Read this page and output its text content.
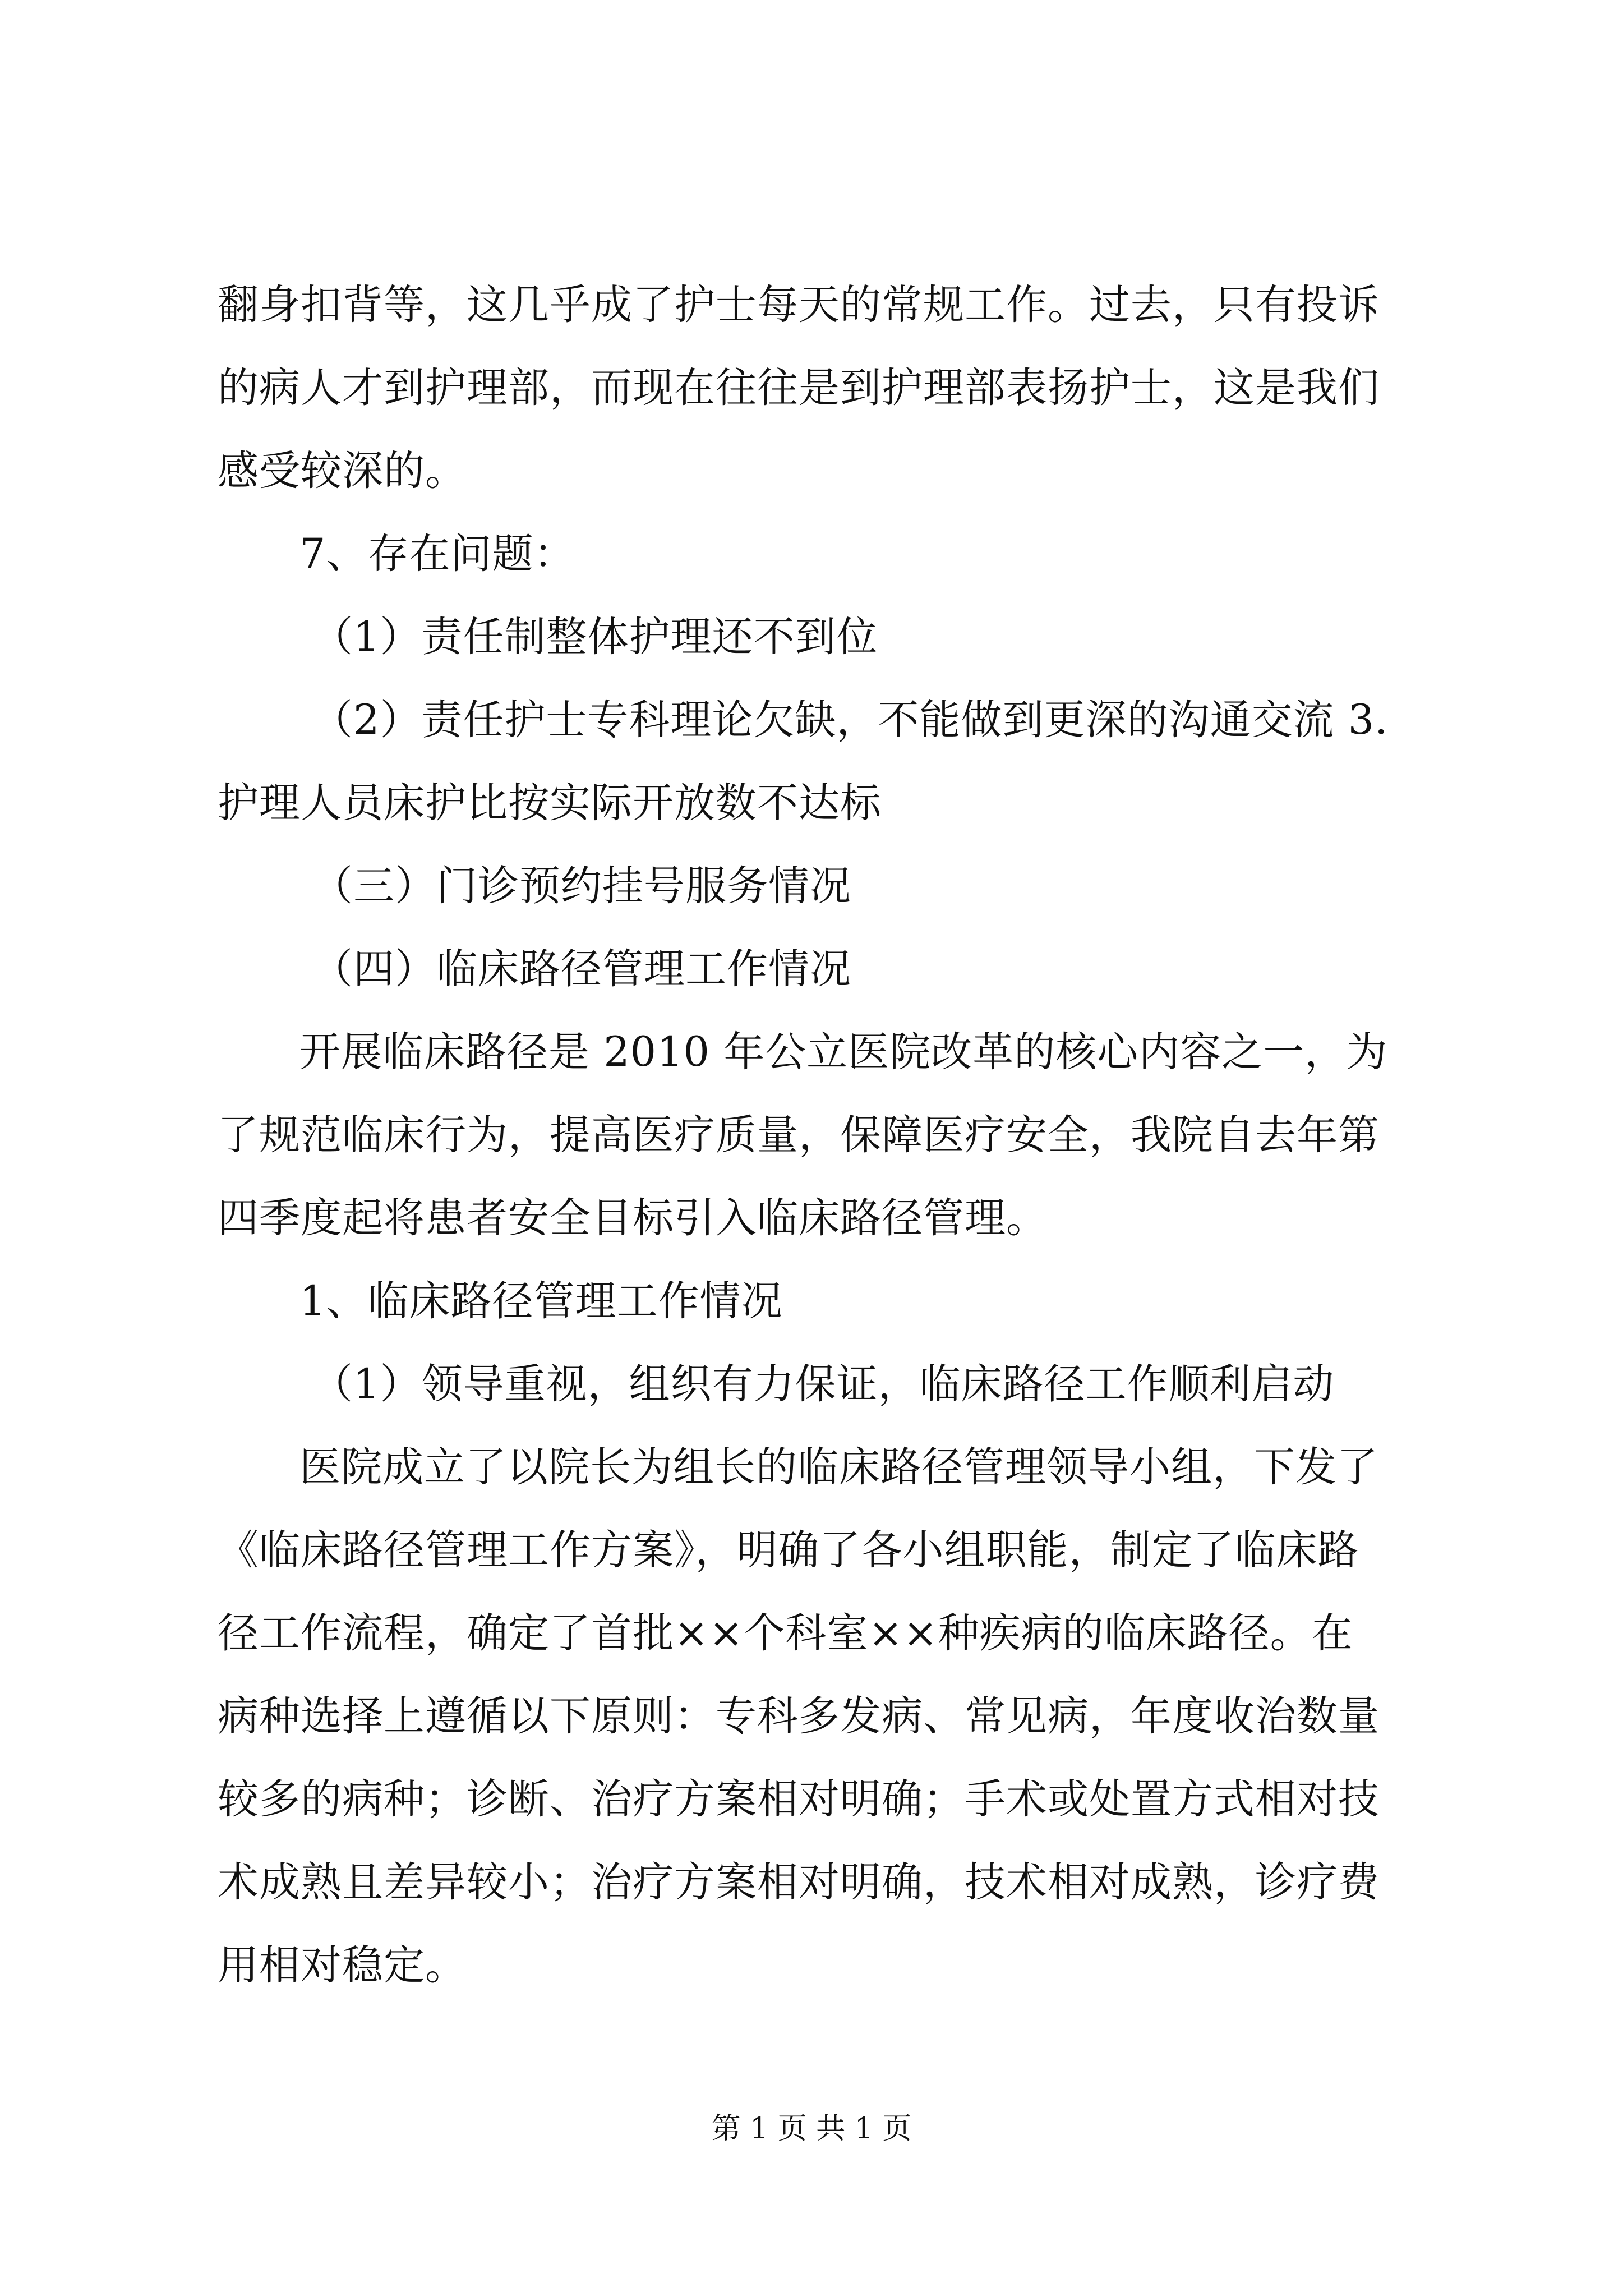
翻身扣背等，这几乎成了护士每天的常规工作。过去，只有投诉
的病人才到护理部，而现在往往是到护理部表扬护士，这是我们
感受较深的。
7、存在问题：
（1）责任制整体护理还不到位
（2）责任护士专科理论欠缺，不能做到更深的沟通交流 3.
护理人员床护比按实际开放数不达标
（三）门诊预约挂号服务情况
（四）临床路径管理工作情况
开展临床路径是 2010 年公立医院改革的核心内容之一，为
了规范临床行为，提高医疗质量，保障医疗安全，我院自去年第
四季度起将患者安全目标引入临床路径管理。
1、临床路径管理工作情况
（1）领导重视，组织有力保证，临床路径工作顺利启动
医院成立了以院长为组长的临床路径管理领导小组，下发了
《临床路径管理工作方案》，明确了各小组职能，制定了临床路
径工作流程，确定了首批××个科室××种疾病的临床路径。在
病种选择上遵循以下原则：专科多发病、常见病，年度收治数量
较多的病种；诊断、治疗方案相对明确；手术或处置方式相对技
术成熟且差异较小；治疗方案相对明确，技术相对成熟，诊疗费
用相对稳定。
第 1 页 共 1 页
